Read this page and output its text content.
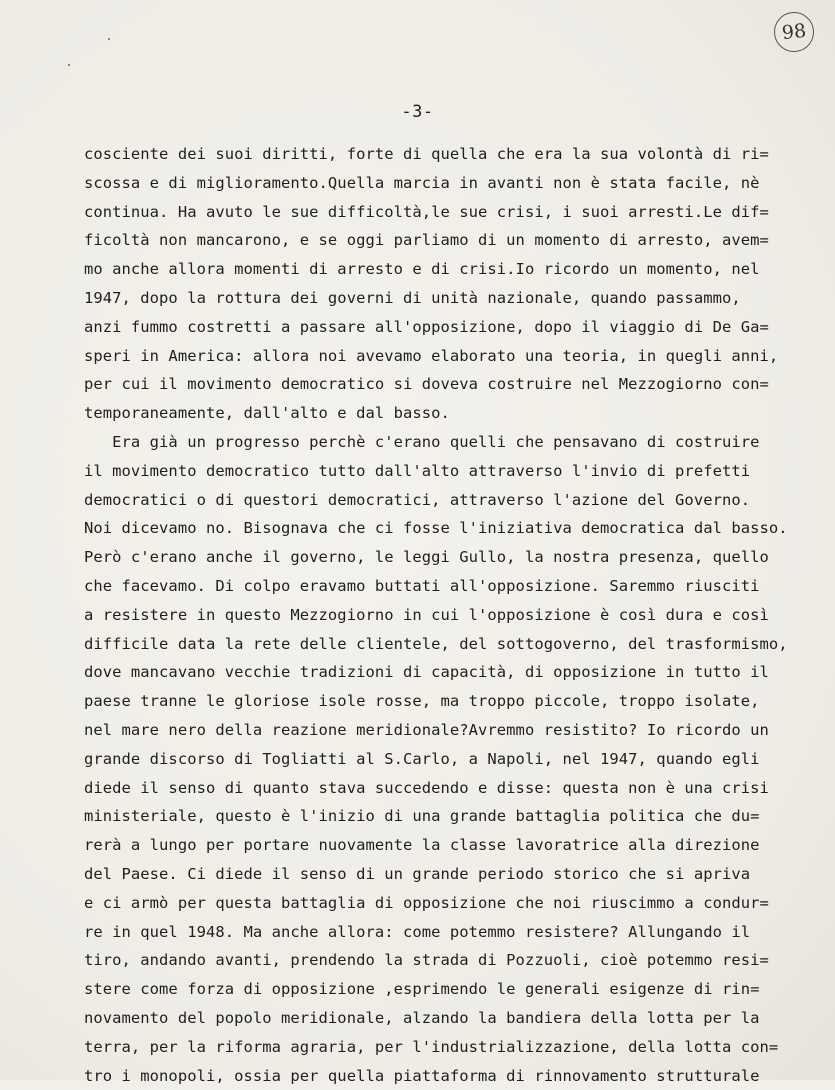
98
-3-
cosciente dei suoi diritti, forte di quella che era la sua volontà di ri=
scossa e di miglioramento.Quella marcia in avanti non è stata facile, nè
continua. Ha avuto le sue difficoltà,le sue crisi, i suoi arresti.Le dif=
ficoltà non mancarono, e se oggi parliamo di un momento di arresto, avem=
mo anche allora momenti di arresto e di crisi.Io ricordo un momento, nel
1947, dopo la rottura dei governi di unità nazionale, quando passammo,
anzi fummo costretti a passare all'opposizione, dopo il viaggio di De Ga=
speri in America: allora noi avevamo elaborato una teoria, in quegli anni,
per cui il movimento democratico si doveva costruire nel Mezzogiorno con=
temporaneamente, dall'alto e dal basso.
Era già un progresso perchè c'erano quelli che pensavano di costruire
il movimento democratico tutto dall'alto attraverso l'invio di prefetti
democratici o di questori democratici, attraverso l'azione del Governo.
Noi dicevamo no. Bisognava che ci fosse l'iniziativa democratica dal basso.
Però c'erano anche il governo, le leggi Gullo, la nostra presenza, quello
che facevamo. Di colpo eravamo buttati all'opposizione. Saremmo riusciti
a resistere in questo Mezzogiorno in cui l'opposizione è così dura e così
difficile data la rete delle clientele, del sottogoverno, del trasformismo,
dove mancavano vecchie tradizioni di capacità, di opposizione in tutto il
paese tranne le gloriose isole rosse, ma troppo piccole, troppo isolate,
nel mare nero della reazione meridionale?Avremmo resistito? Io ricordo un
grande discorso di Togliatti al S.Carlo, a Napoli, nel 1947, quando egli
diede il senso di quanto stava succedendo e disse: questa non è una crisi
ministeriale, questo è l'inizio di una grande battaglia politica che du=
rerà a lungo per portare nuovamente la classe lavoratrice alla direzione
del Paese. Ci diede il senso di un grande periodo storico che si apriva
e ci armò per questa battaglia di opposizione che noi riuscimmo a condur=
re in quel 1948. Ma anche allora: come potemmo resistere? Allungando il
tiro, andando avanti, prendendo la strada di Pozzuoli, cioè potemmo resi=
stere come forza di opposizione ,esprimendo le generali esigenze di rin=
novamento del popolo meridionale, alzando la bandiera della lotta per la
terra, per la riforma agraria, per l'industrializzazione, della lotta con=
tro i monopoli, ossia per quella piattaforma di rinnovamento strutturale
